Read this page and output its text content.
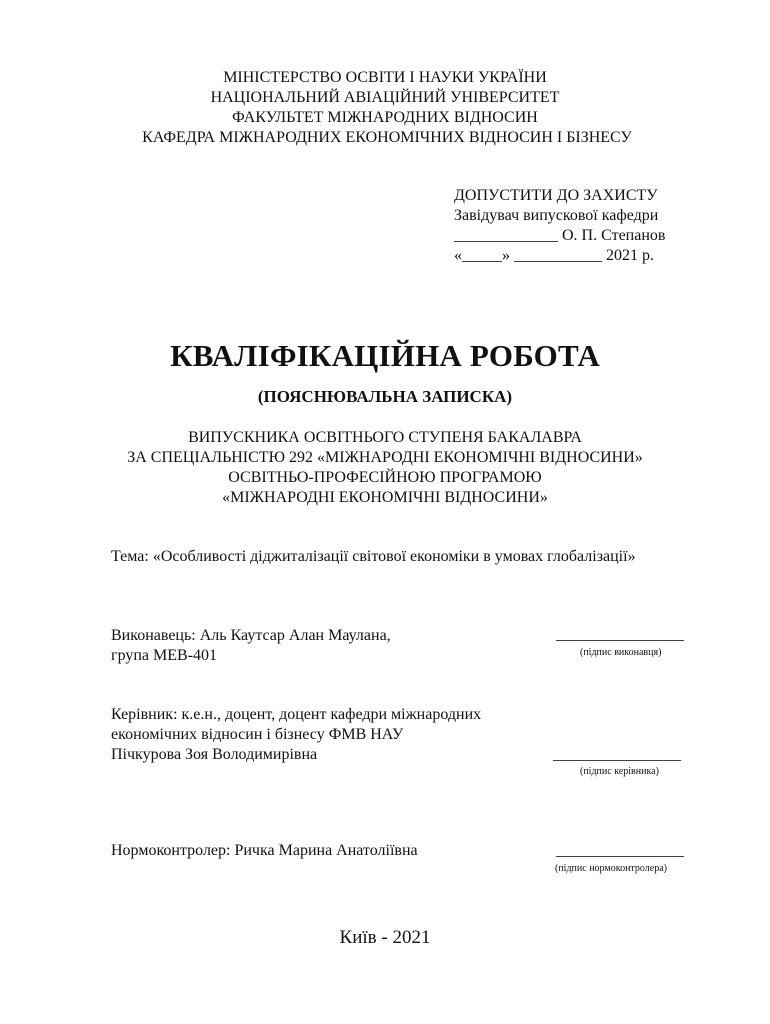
МІНІСТЕРСТВО ОСВІТИ І НАУКИ УКРАЇНИ
НАЦІОНАЛЬНИЙ АВІАЦІЙНИЙ УНІВЕРСИТЕТ
ФАКУЛЬТЕТ МІЖНАРОДНИХ ВІДНОСИН
КАФЕДРА МІЖНАРОДНИХ ЕКОНОМІЧНИХ ВІДНОСИН І БІЗНЕСУ
ДОПУСТИТИ ДО ЗАХИСТУ
Завідувач випускової кафедри
_____________ О. П. Степанов
«_____» ___________ 2021 р.
КВАЛІФІКАЦІЙНА РОБОТА
(ПОЯСНЮВАЛЬНА ЗАПИСКА)
ВИПУСКНИКА ОСВІТНЬОГО СТУПЕНЯ БАКАЛАВРА
ЗА СПЕЦІАЛЬНІСТЮ 292 «МІЖНАРОДНІ ЕКОНОМІЧНІ ВІДНОСИНИ»
ОСВІТНЬО-ПРОФЕСІЙНОЮ ПРОГРАМОЮ
«МІЖНАРОДНІ ЕКОНОМІЧНІ ВІДНОСИНИ»
Тема: «Особливості діджиталізації світової економіки в умовах глобалізації»
Виконавець: Аль Каутсар Алан Маулана,
група МЕВ-401
________________
(підпис виконавця)
Керівник: к.е.н., доцент, доцент кафедри міжнародних
економічних відносин і бізнесу ФМВ НАУ
Пічкурова Зоя Володимирівна	________________
(підпис керівника)
Нормоконтролер: Ричка Марина Анатоліївна	________________
(підпис нормоконтролера)
Київ - 2021
